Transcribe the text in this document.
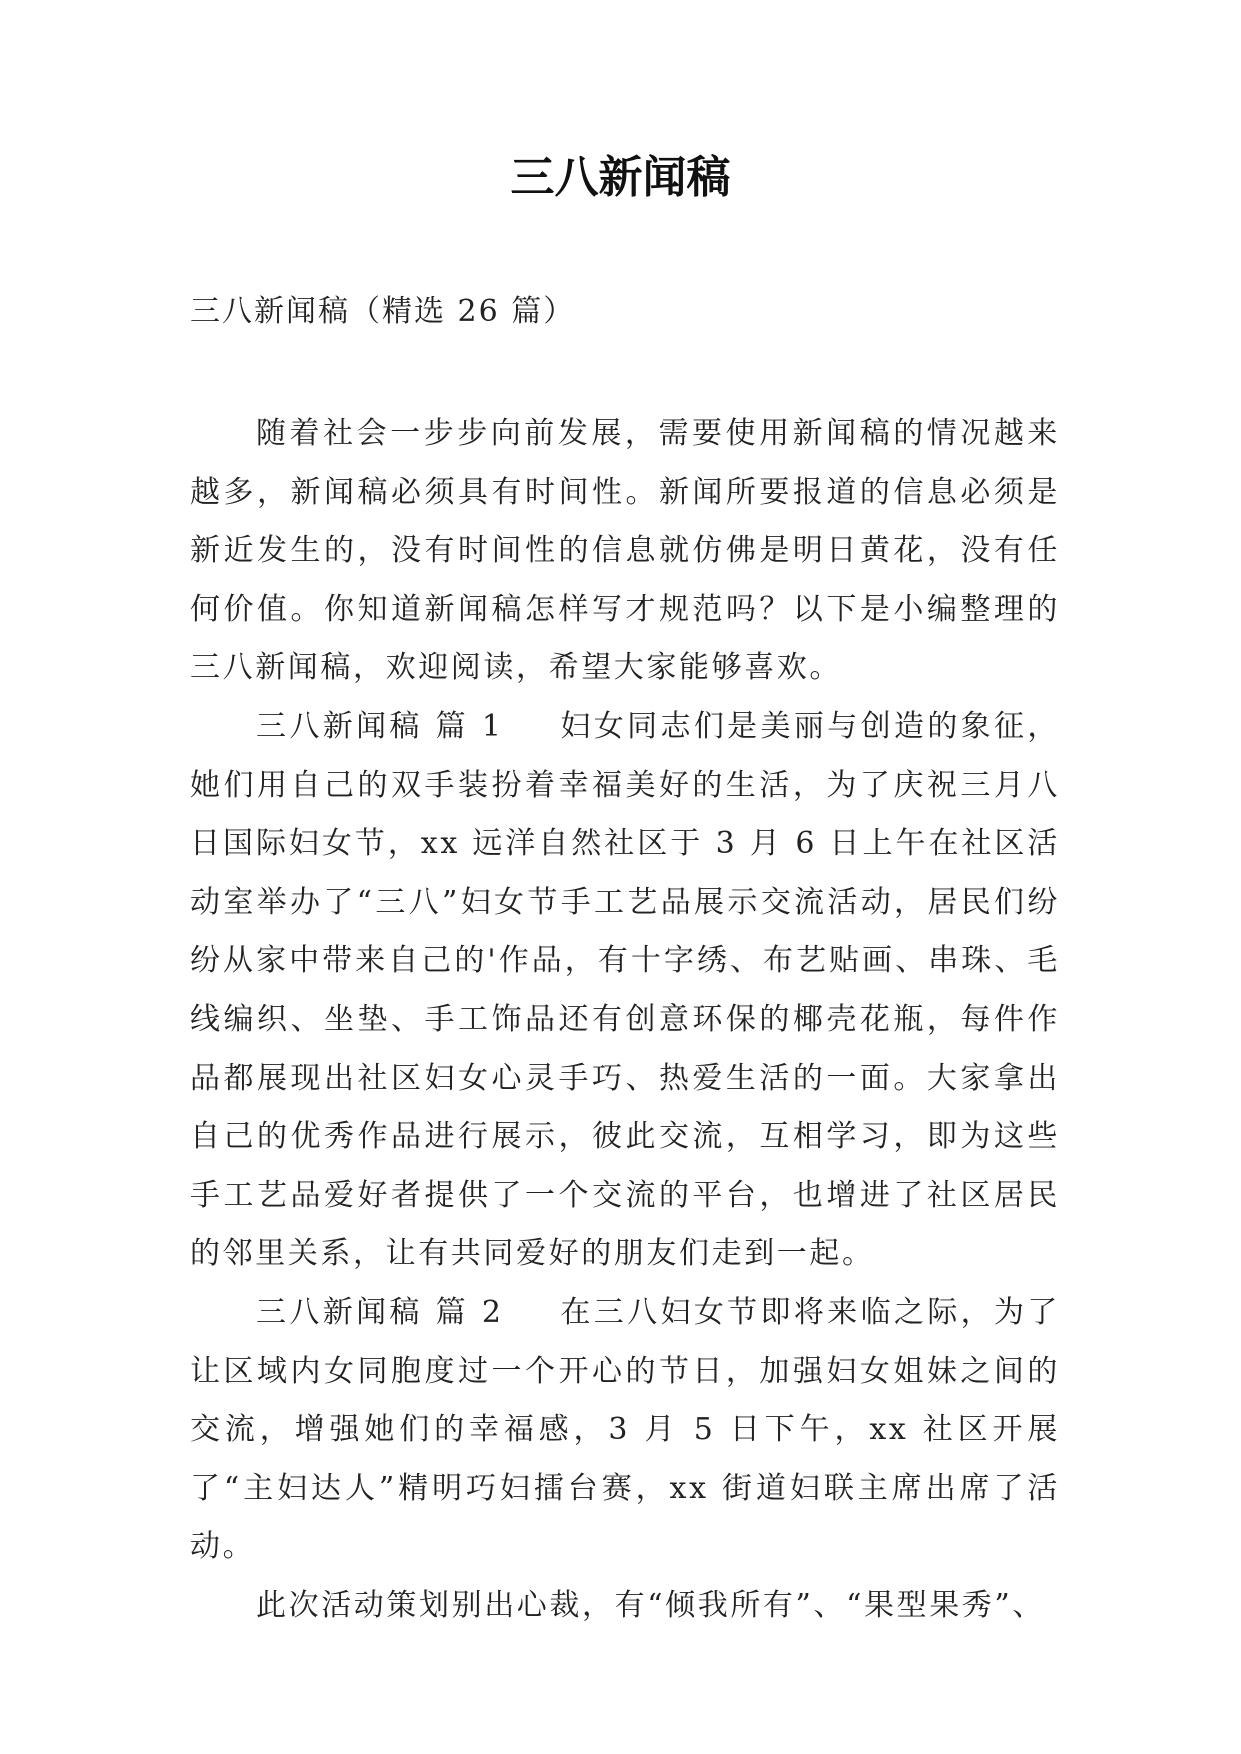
三八新闻稿

三八新闻稿（精选 26 篇）

随着社会一步步向前发展，需要使用新闻稿的情况越来越多，新闻稿必须具有时间性。新闻所要报道的信息必须是新近发生的，没有时间性的信息就仿佛是明日黄花，没有任何价值。你知道新闻稿怎样写才规范吗？以下是小编整理的三八新闻稿，欢迎阅读，希望大家能够喜欢。

三八新闻稿 篇 1 妇女同志们是美丽与创造的象征，她们用自己的双手装扮着幸福美好的生活，为了庆祝三月八日国际妇女节，xx 远洋自然社区于 3 月 6 日上午在社区活动室举办了“三八”妇女节手工艺品展示交流活动，居民们纷纷从家中带来自己的'作品，有十字绣、布艺贴画、串珠、毛线编织、坐垫、手工饰品还有创意环保的椰壳花瓶，每件作品都展现出社区妇女心灵手巧、热爱生活的一面。大家拿出自己的优秀作品进行展示，彼此交流，互相学习，即为这些手工艺品爱好者提供了一个交流的平台，也增进了社区居民的邻里关系，让有共同爱好的朋友们走到一起。

三八新闻稿 篇 2 在三八妇女节即将来临之际，为了让区域内女同胞度过一个开心的节日，加强妇女姐妹之间的交流，增强她们的幸福感，3 月 5 日下午，xx 社区开展了“主妇达人”精明巧妇擂台赛，xx 街道妇联主席出席了活动。

此次活动策划别出心裁，有“倾我所有”、“果型果秀”、
